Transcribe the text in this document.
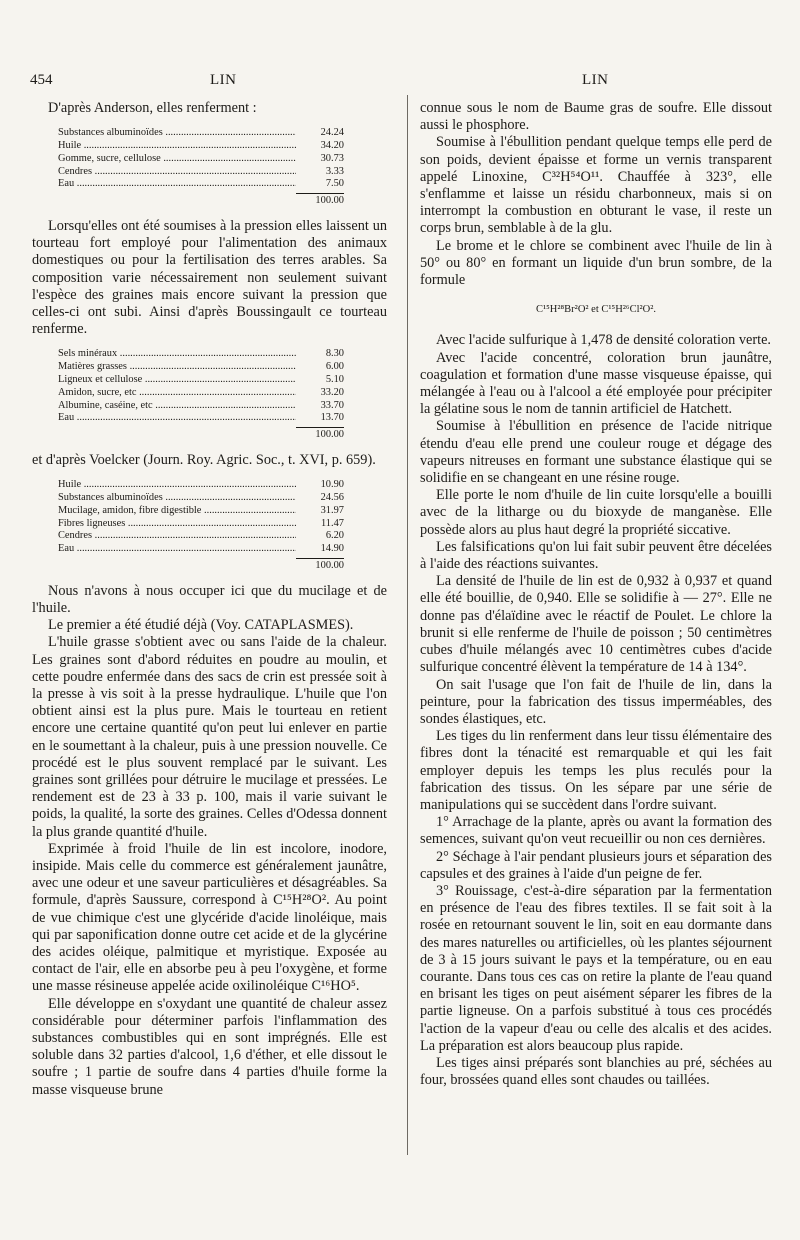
454	LIN	LIN

D'après Anderson, elles renferment :

Substances albuminoïdes .....	24.24
Huile .....	34.20
Gomme, sucre, cellulose .....	30.73
Cendres .....	3.33
Eau .....	7.50
100.00

Lorsqu'elles ont été soumises à la pression elles laissent un tourteau fort employé pour l'alimentation des animaux domestiques ou pour la fertilisation des terres arables. Sa composition varie nécessairement non seulement suivant l'espèce des graines mais encore suivant la pression que celles-ci ont subi. Ainsi d'après Boussingault ce tourteau renferme.

Sels minéraux .....	8.30
Matières grasses .....	6.00
Ligneux et cellulose .....	5.10
Amidon, sucre, etc .....	33.20
Albumine, caséine, etc .....	33.70
Eau .....	13.70
100.00

et d'après Voelcker (Journ. Roy. Agric. Soc., t. XVI, p. 659).

Huile .....	10.90
Substances albuminoïdes .....	24.56
Mucilage, amidon, fibre digestible .....	31.97
Fibres ligneuses .....	11.47
Cendres .....	6.20
Eau .....	14.90
100.00

Nous n'avons à nous occuper ici que du mucilage et de l'huile.

Le premier a été étudié déjà (Voy. CATAPLASMES).

L'huile grasse s'obtient avec ou sans l'aide de la chaleur. Les graines sont d'abord réduites en poudre au moulin, et cette poudre enfermée dans des sacs de crin est pressée soit à la presse à vis soit à la presse hydraulique. L'huile que l'on obtient ainsi est la plus pure. Mais le tourteau en retient encore une certaine quantité qu'on peut lui enlever en partie en le soumettant à la chaleur, puis à une pression nouvelle. Ce procédé est le plus souvent remplacé par le suivant. Les graines sont grillées pour détruire le mucilage et pressées. Le rendement est de 23 à 33 p. 100, mais il varie suivant le poids, la qualité, la sorte des graines. Celles d'Odessa donnent la plus grande quantité d'huile.

Exprimée à froid l'huile de lin est incolore, inodore, insipide. Mais celle du commerce est généralement jaunâtre, avec une odeur et une saveur particulières et désagréables. Sa formule, d'après Saussure, correspond à C¹⁵H²⁸O². Au point de vue chimique c'est une glycéride d'acide linoléique, mais qui par saponification donne outre cet acide et de la glycérine des acides oléique, palmitique et myristique. Exposée au contact de l'air, elle en absorbe peu à peu l'oxygène, et forme une masse résineuse appelée acide oxilinoléique C¹⁶HO⁵.

Elle développe en s'oxydant une quantité de chaleur assez considérable pour déterminer parfois l'inflammation des substances combustibles qui en sont imprégnés. Elle est soluble dans 32 parties d'alcool, 1,6 d'éther, et elle dissout le soufre ; 1 partie de soufre dans 4 parties d'huile forme la masse visqueuse brune

connue sous le nom de Baume gras de soufre. Elle dissout aussi le phosphore.

Soumise à l'ébullition pendant quelque temps elle perd de son poids, devient épaisse et forme un vernis transparent appelé Linoxine, C³²H⁵⁴O¹¹. Chauffée à 323°, elle s'enflamme et laisse un résidu charbonneux, mais si on interrompt la combustion en obturant le vase, il reste un corps brun, semblable à de la glu.

Le brome et le chlore se combinent avec l'huile de lin à 50° ou 80° en formant un liquide d'un brun sombre, de la formule

C¹⁵H²⁸Br²O² et C¹⁵H²⁶Cl²O².

Avec l'acide sulfurique à 1,478 de densité coloration verte.

Avec l'acide concentré, coloration brun jaunâtre, coagulation et formation d'une masse visqueuse épaisse, qui mélangée à l'eau ou à l'alcool a été employée pour précipiter la gélatine sous le nom de tannin artificiel de Hatchett.

Soumise à l'ébullition en présence de l'acide nitrique étendu d'eau elle prend une couleur rouge et dégage des vapeurs nitreuses en formant une substance élastique qui se solidifie en se changeant en une résine rouge.

Elle porte le nom d'huile de lin cuite lorsqu'elle a bouilli avec de la litharge ou du bioxyde de manganèse. Elle possède alors au plus haut degré la propriété siccative.

Les falsifications qu'on lui fait subir peuvent être décelées à l'aide des réactions suivantes.

La densité de l'huile de lin est de 0,932 à 0,937 et quand elle été bouillie, de 0,940. Elle se solidifie à — 27°. Elle ne donne pas d'élaïdine avec le réactif de Poulet. Le chlore la brunit si elle renferme de l'huile de poisson ; 50 centimètres cubes d'huile mélangés avec 10 centimètres cubes d'acide sulfurique concentré élèvent la température de 14 à 134°.

On sait l'usage que l'on fait de l'huile de lin, dans la peinture, pour la fabrication des tissus imperméables, des sondes élastiques, etc.

Les tiges du lin renferment dans leur tissu élémentaire des fibres dont la ténacité est remarquable et qui les fait employer depuis les temps les plus reculés pour la fabrication des tissus. On les sépare par une série de manipulations qui se succèdent dans l'ordre suivant.

1° Arrachage de la plante, après ou avant la formation des semences, suivant qu'on veut recueillir ou non ces dernières.

2° Séchage à l'air pendant plusieurs jours et séparation des capsules et des graines à l'aide d'un peigne de fer.

3° Rouissage, c'est-à-dire séparation par la fermentation en présence de l'eau des fibres textiles. Il se fait soit à la rosée en retournant souvent le lin, soit en eau dormante dans des mares naturelles ou artificielles, où les plantes séjournent de 3 à 15 jours suivant le pays et la température, ou en eau courante. Dans tous ces cas on retire la plante de l'eau quand en brisant les tiges on peut aisément séparer les fibres de la partie ligneuse. On a parfois substitué à tous ces procédés l'action de la vapeur d'eau ou celle des alcalis et des acides. La préparation est alors beaucoup plus rapide.

Les tiges ainsi préparés sont blanchies au pré, séchées au four, brossées quand elles sont chaudes ou taillées.
